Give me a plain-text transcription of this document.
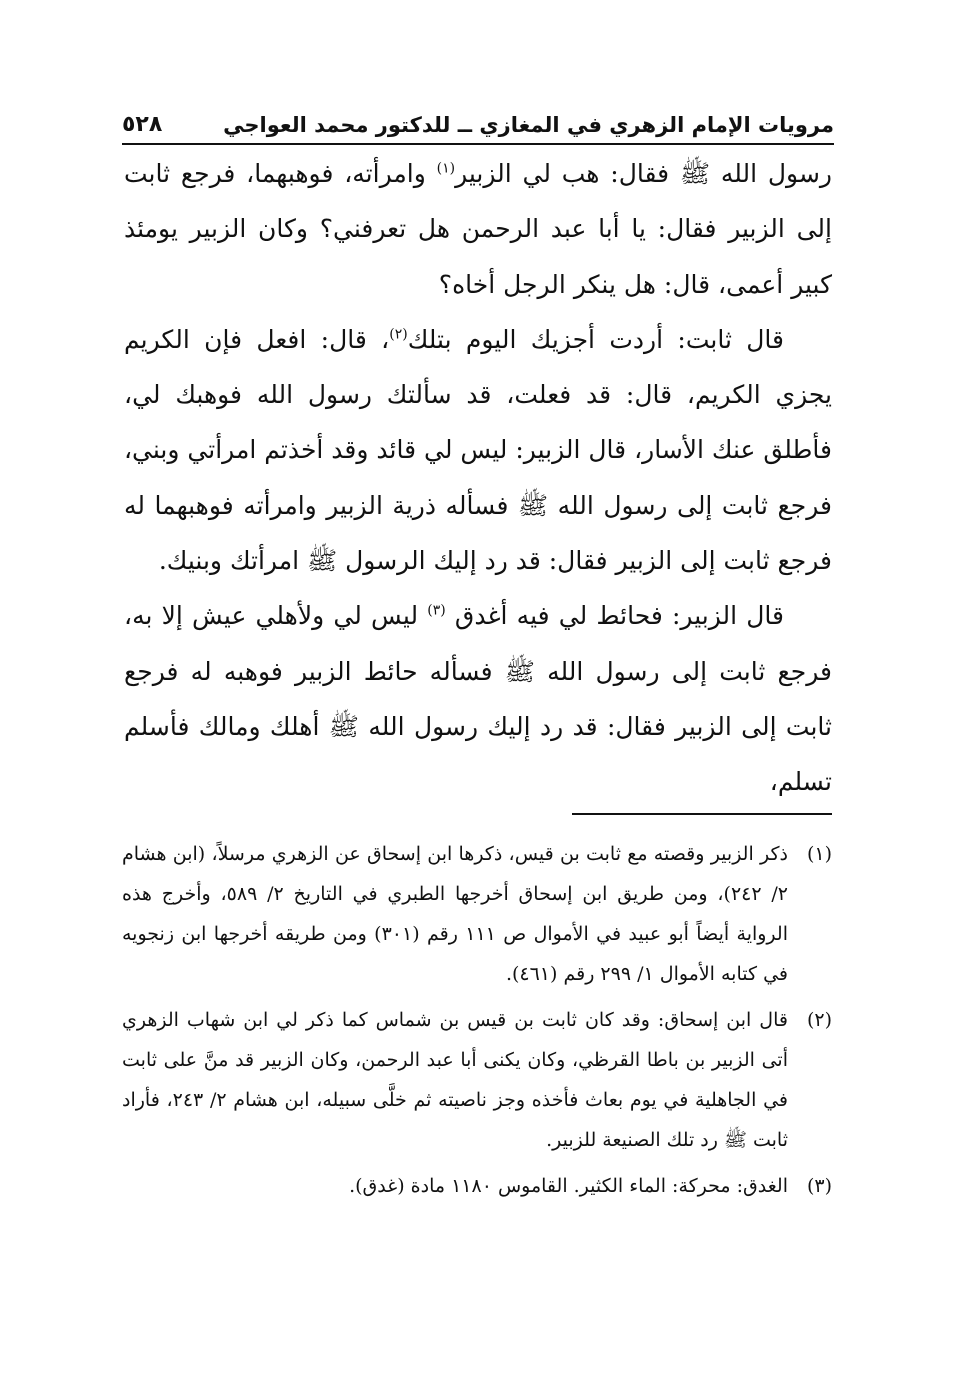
مرويات الإمام الزهري في المغازي ــ للدكتور محمد العواجي
٥٢٨

رسول الله ﷺ فقال: هب لي الزبير$^{(١)}$ وامرأته، فوهبهما، فرجع ثابت إلى الزبير فقال: يا أبا عبد الرحمن هل تعرفني؟ وكان الزبير يومئذ كبير أعمى، قال: هل ينكر الرجل أخاه؟

قال ثابت: أردت أجزيك اليوم بتلك$^{(٢)}$، قال: افعل فإن الكريم يجزي الكريم، قال: قد فعلت، قد سألتك رسول الله فوهبك لي، فأطلق عنك الأسار، قال الزبير: ليس لي قائد وقد أخذتم امرأتي وبني، فرجع ثابت إلى رسول الله ﷺ فسأله ذرية الزبير وامرأته فوهبهما له فرجع ثابت إلى الزبير فقال: قد رد إليك الرسول ﷺ امرأتك وبنيك.

قال الزبير: فحائط لي فيه أغدق $^{(٣)}$ ليس لي ولأهلي عيش إلا به، فرجع ثابت إلى رسول الله ﷺ فسأله حائط الزبير فوهبه له فرجع ثابت إلى الزبير فقال: قد رد إليك رسول الله ﷺ أهلك ومالك فأسلم تسلم،

(١)
ذكر الزبير وقصته مع ثابت بن قيس، ذكرها ابن إسحاق عن الزهري مرسلاً، (ابن هشام ٢/ ٢٤٢)، ومن طريق ابن إسحاق أخرجها الطبري في التاريخ ٢/ ٥٨٩، وأخرج هذه الرواية أيضاً أبو عبيد في الأموال ص ١١١ رقم (٣٠١) ومن طريقه أخرجها ابن زنجويه في كتابه الأموال ١/ ٢٩٩ رقم (٤٦١).
(٢)
قال ابن إسحاق: وقد كان ثابت بن قيس بن شماس كما ذكر لي ابن شهاب الزهري أتى الزبير بن باطا القرظي، وكان يكنى أبا عبد الرحمن، وكان الزبير قد منَّ على ثابت في الجاهلية في يوم بعاث فأخذه وجز ناصيته ثم خلَّى سبيله، ابن هشام ٢/ ٢٤٣، فأراد ثابت ﷺ رد تلك الصنيعة للزبير.
(٣)
الغدق: محركة: الماء الكثير. القاموس ١١٨٠ مادة (غدق).
